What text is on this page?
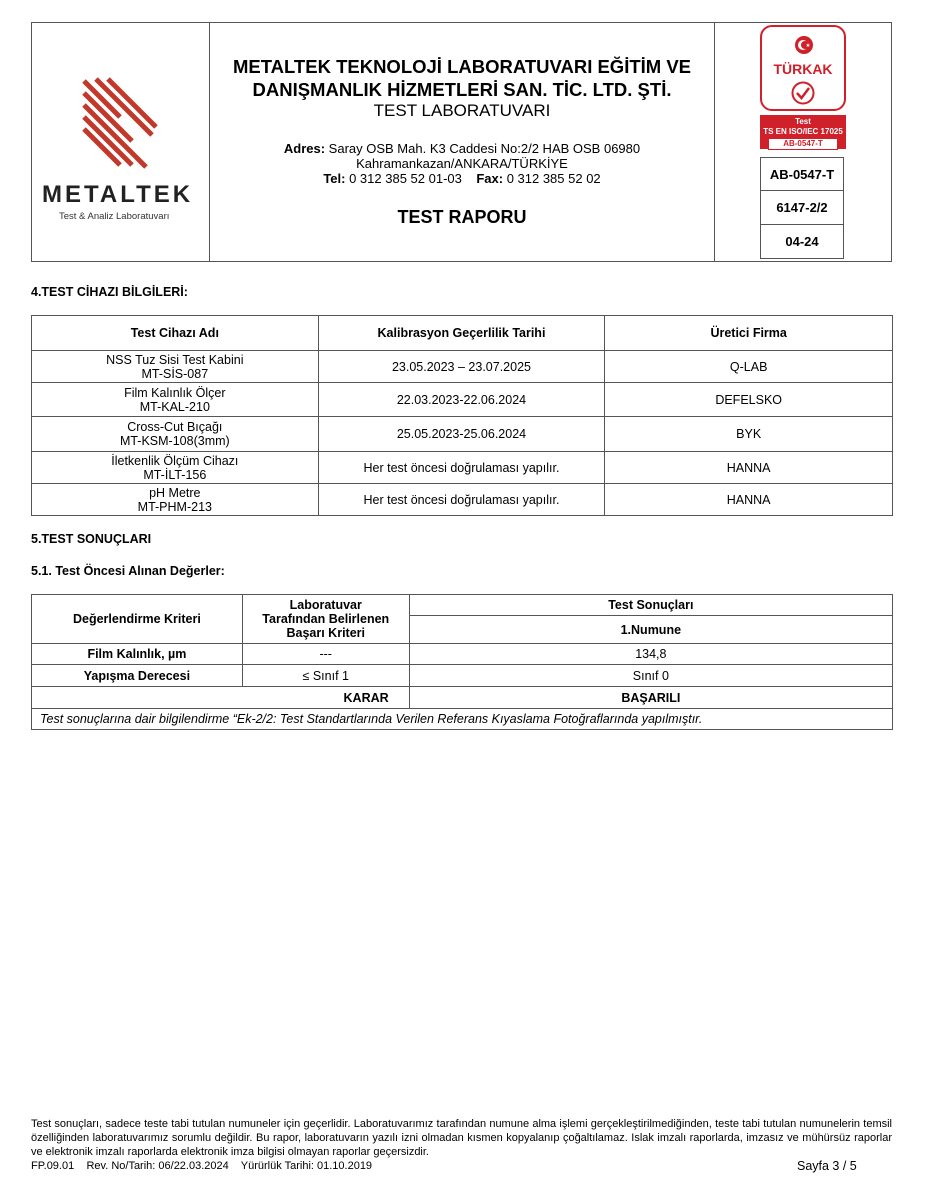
METALTEK
Test & Analiz Laboratuvarı
METALTEK TEKNOLOJİ LABORATUVARI EĞİTİM VE
DANIŞMANLIK HİZMETLERİ SAN. TİC. LTD. ŞTİ.
TEST LABORATUVARI
Adres: Saray OSB Mah. K3 Caddesi No:2/2 HAB OSB 06980
Kahramankazan/ANKARA/TÜRKİYE
Tel: 0 312 385 52 01-03 Fax: 0 312 385 52 02
TEST RAPORU
TÜRKAK
Test
TS EN ISO/IEC 17025
AB-0547-T
AB-0547-T
6147-2/2
04-24
4.TEST CİHAZI BİLGİLERİ:
Test Cihazı Adı	Kalibrasyon Geçerlilik Tarihi	Üretici Firma

NSS Tuz Sisi Test Kabini
MT-SİS-087	23.05.2023 – 23.07.2025	Q-LAB

Film Kalınlık Ölçer
MT-KAL-210	22.03.2023-22.06.2024	DEFELSKO

Cross-Cut Bıçağı
MT-KSM-108(3mm)	25.05.2023-25.06.2024	BYK

İletkenlik Ölçüm Cihazı
MT-İLT-156	Her test öncesi doğrulaması yapılır.	HANNA

pH Metre
MT-PHM-213	Her test öncesi doğrulaması yapılır.	HANNA
5.TEST SONUÇLARI
5.1. Test Öncesi Alınan Değerler:
Değerlendirme Kriteri	Laboratuvar
Tarafından Belirlenen
Başarı Kriteri	Test Sonuçları
		1.Numune
Film Kalınlık, µm	---	134,8
Yapışma Derecesi	≤ Sınıf 1	Sınıf 0
KARAR		BAŞARILI
Test sonuçlarına dair bilgilendirme “Ek-2/2: Test Standartlarında Verilen Referans Kıyaslama Fotoğraflarında yapılmıştır.		
Test sonuçları, sadece teste tabi tutulan numuneler için geçerlidir. Laboratuvarımız tarafından numune alma işlemi gerçekleştirilmediğinden, teste tabi tutulan numunelerin temsil özelliğinden laboratuvarımız sorumlu değildir. Bu rapor, laboratuvarın yazılı izni olmadan kısmen kopyalanıp çoğaltılamaz. Islak imzalı raporlarda, imzasız ve mühürsüz raporlar ve elektronik imzalı raporlarda elektronik imza bilgisi olmayan raporlar geçersizdir.
FP.09.01 Rev. No/Tarih: 06/22.03.2024 Yürürlük Tarihi: 01.10.2019	Sayfa 3 / 5
